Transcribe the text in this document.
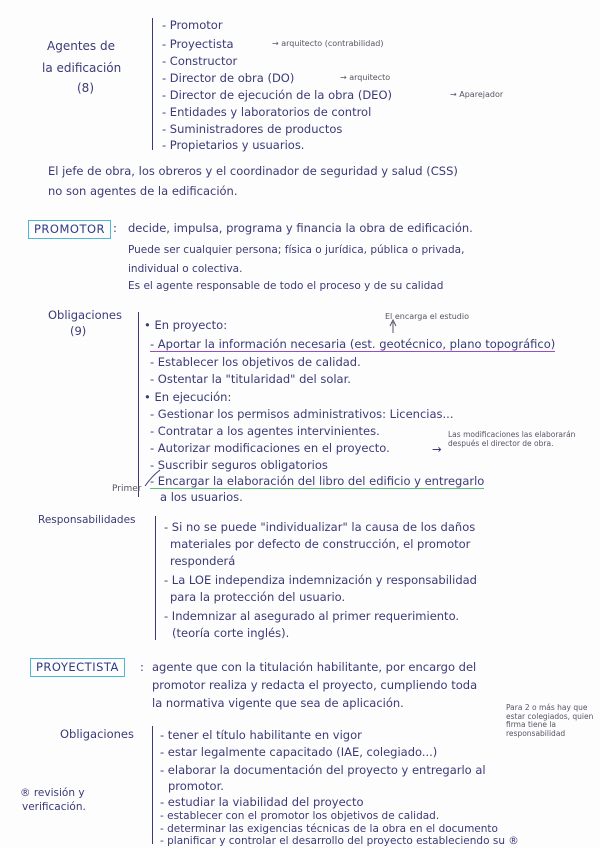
Agentes de
la edificación
(8)
- Promotor
- Proyectista	→ arquitecto (contrabilidad)
- Constructor
- Director de obra (DO)	→ arquitecto
- Director de ejecución de la obra (DEO)	→ Aparejador
- Entidades y laboratorios de control
- Suministradores de productos
- Propietarios y usuarios.
El jefe de obra, los obreros y el coordinador de seguridad y salud (CSS)
no son agentes de la edificación.
PROMOTOR : decide, impulsa, programa y financia la obra de edificación.
Puede ser cualquier persona; física o jurídica, pública o privada,
individual o colectiva.
Es el agente responsable de todo el proceso y de su calidad
Obligaciones
(9)
El encarga el estudio
• En proyecto:
- Aportar la información necesaria (est. geotécnico, plano topográfico)
- Establecer los objetivos de calidad.
- Ostentar la "titularidad" del solar.
• En ejecución:
- Gestionar los permisos administrativos: Licencias...
- Contratar a los agentes intervinientes.
- Autorizar modificaciones en el proyecto.
- Suscribir seguros obligatorios
- Encargar la elaboración del libro del edificio y entregarlo
a los usuarios.
Las modificaciones las elaborarán después el director de obra.
→
Primer
Responsabilidades - Si no se puede "individualizar" la causa de los daños
materiales por defecto de construcción, el promotor
responderá
- La LOE independiza indemnización y responsabilidad
para la protección del usuario.
- Indemnizar al asegurado al primer requerimiento.
(teoría corte inglés).
PROYECTISTA	: agente que con la titulación habilitante, por encargo del
promotor realiza y redacta el proyecto, cumpliendo toda
la normativa vigente que sea de aplicación.
Obligaciones - tener el título habilitante en vigor
- estar legalmente capacitado (IAE, colegiado...)
- elaborar la documentación del proyecto y entregarlo al
promotor.
- estudiar la viabilidad del proyecto
- establecer con el promotor los objetivos de calidad.
- determinar las exigencias técnicas de la obra en el documento
- planificar y controlar el desarrollo del proyecto estableciendo su ®
Para 2 o más hay que estar colegiados, quien firma tiene la responsabilidad
® revisión y
verificación.
